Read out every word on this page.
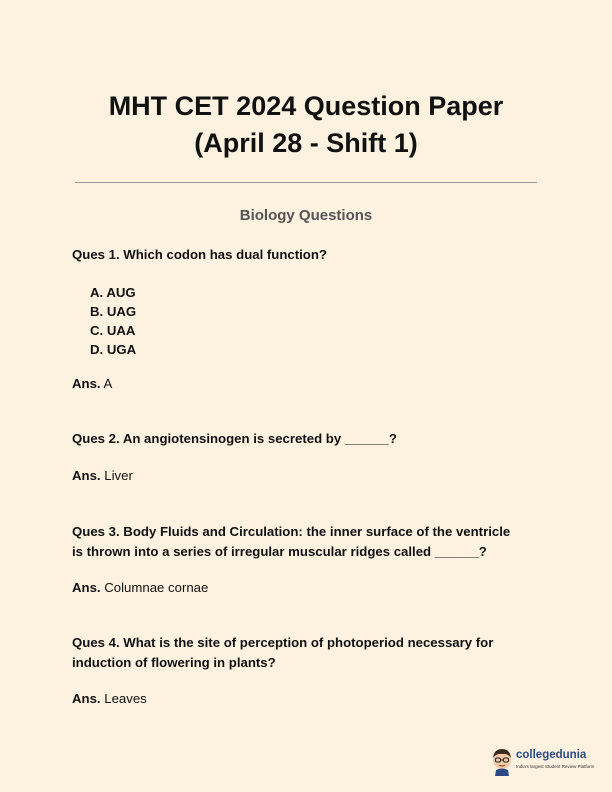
MHT CET 2024 Question Paper
(April 28 - Shift 1)
Biology Questions
Ques 1. Which codon has dual function?
A. AUG
B. UAG
C. UAA
D. UGA
Ans. A
Ques 2. An angiotensinogen is secreted by ______?
Ans. Liver
Ques 3. Body Fluids and Circulation: the inner surface of the ventricle
is thrown into a series of irregular muscular ridges called ______?
Ans. Columnae cornae
Ques 4. What is the site of perception of photoperiod necessary for
induction of flowering in plants?
Ans. Leaves
collegedunia
India's largest Student Review Platform
